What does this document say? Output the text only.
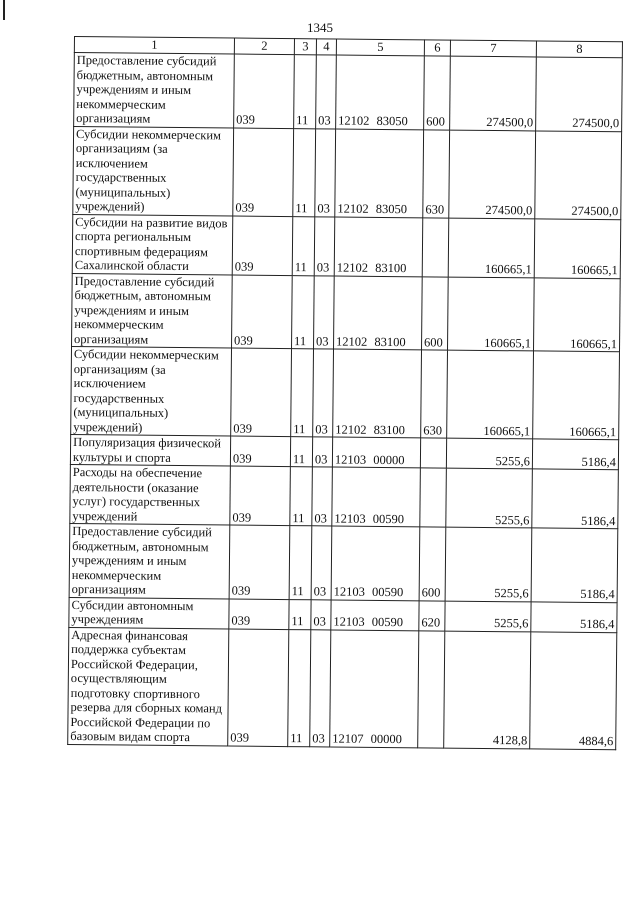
1345
1	2	3	4	5	6	7	8
Предоставление субсидий бюджетным, автономным учреждениям и иным некоммерческим организациям	039	11	03	12102 83050	600	274500,0	274500,0
Субсидии некоммерческим организациям (за исключением государственных (муниципальных) учреждений)	039	11	03	12102 83050	630	274500,0	274500,0
Субсидии на развитие видов спорта региональным спортивным федерациям Сахалинской области	039	11	03	12102 83100		160665,1	160665,1
Предоставление субсидий бюджетным, автономным учреждениям и иным некоммерческим организациям	039	11	03	12102 83100	600	160665,1	160665,1
Субсидии некоммерческим организациям (за исключением государственных (муниципальных) учреждений)	039	11	03	12102 83100	630	160665,1	160665,1
Популяризация физической культуры и спорта	039	11	03	12103 00000		5255,6	5186,4
Расходы на обеспечение деятельности (оказание услуг) государственных учреждений	039	11	03	12103 00590		5255,6	5186,4
Предоставление субсидий бюджетным, автономным учреждениям и иным некоммерческим организациям	039	11	03	12103 00590	600	5255,6	5186,4
Субсидии автономным учреждениям	039	11	03	12103 00590	620	5255,6	5186,4
Адресная финансовая поддержка субъектам Российской Федерации, осуществляющим подготовку спортивного резерва для сборных команд Российской Федерации по базовым видам спорта	039	11	03	12107 00000		4128,8	4884,6
